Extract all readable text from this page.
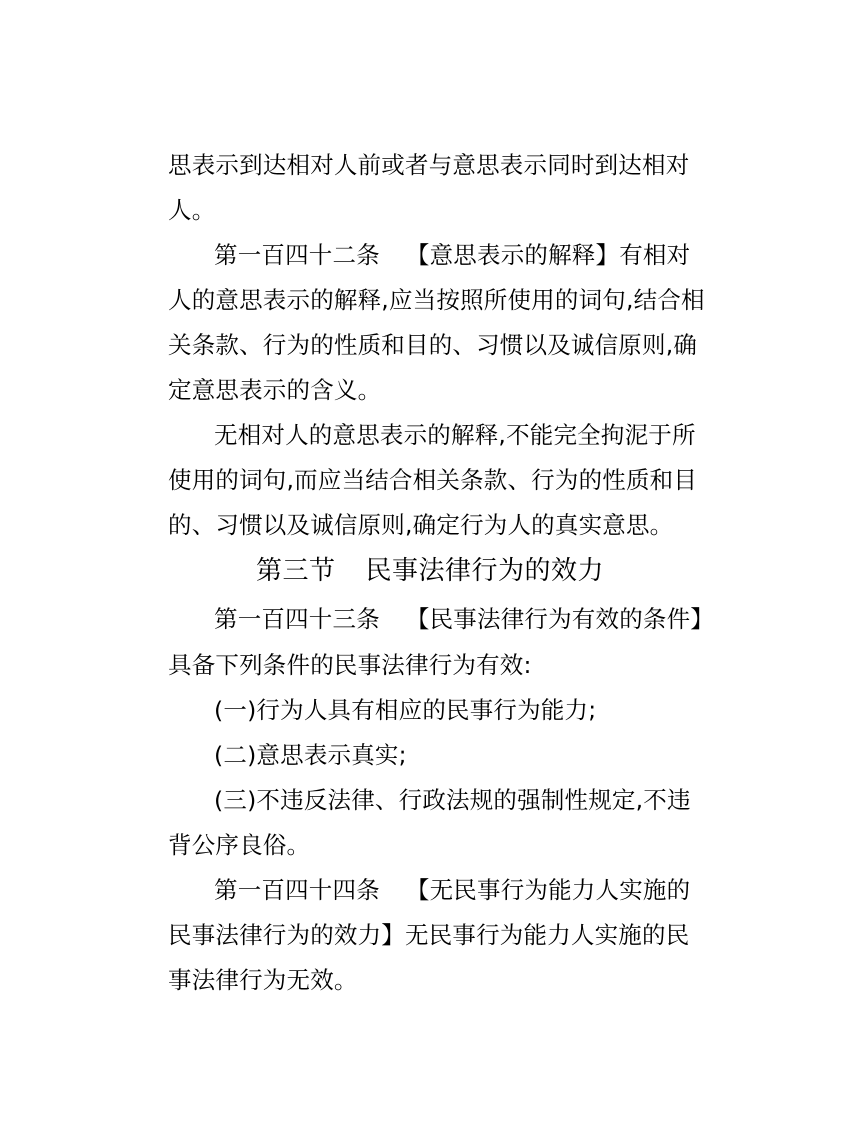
思表示到达相对人前或者与意思表示同时到达相对
人。
第一百四十二条 【意思表示的解释】有相对
人的意思表示的解释,应当按照所使用的词句,结合相
关条款、行为的性质和目的、习惯以及诚信原则,确
定意思表示的含义。
无相对人的意思表示的解释,不能完全拘泥于所
使用的词句,而应当结合相关条款、行为的性质和目
的、习惯以及诚信原则,确定行为人的真实意思。
第三节 民事法律行为的效力
第一百四十三条 【民事法律行为有效的条件】
具备下列条件的民事法律行为有效:
(一)行为人具有相应的民事行为能力;
(二)意思表示真实;
(三)不违反法律、行政法规的强制性规定,不违
背公序良俗。
第一百四十四条 【无民事行为能力人实施的
民事法律行为的效力】无民事行为能力人实施的民
事法律行为无效。
